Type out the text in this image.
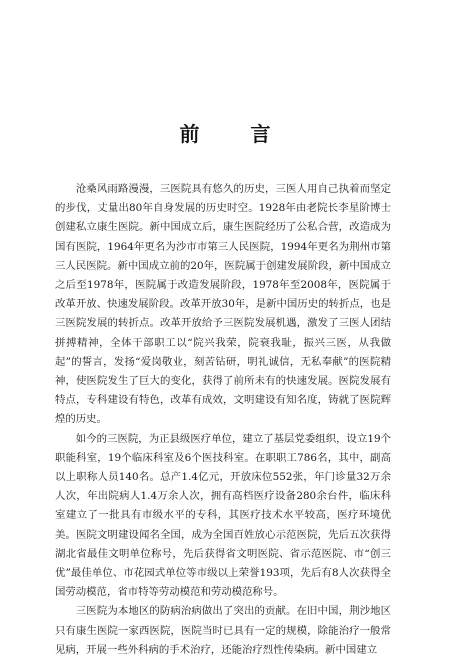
前 言

沧桑风雨路漫漫，三医院具有悠久的历史，三医人用自己执着而坚定的步伐，丈量出80年自身发展的历史时空。1928年由老院长李星阶博士创建私立康生医院。新中国成立后，康生医院经历了公私合营，改造成为国有医院，1964年更名为沙市市第三人民医院，1994年更名为荆州市第三人民医院。新中国成立前的20年，医院属于创建发展阶段，新中国成立之后至1978年，医院属于改造发展阶段，1978年至2008年，医院属于改革开放、快速发展阶段。改革开放30年，是新中国历史的转折点，也是三医院发展的转折点。改革开放给予三医院发展机遇，激发了三医人团结拼搏精神，全体干部职工以“院兴我荣，院衰我耻，振兴三医，从我做起”的誓言，发扬“爱岗敬业，刻苦钻研，明礼诚信，无私奉献”的医院精神，使医院发生了巨大的变化，获得了前所未有的快速发展。医院发展有特点，专科建设有特色，改革有成效，文明建设有知名度，铸就了医院辉煌的历史。

如今的三医院，为正县级医疗单位，建立了基层党委组织，设立19个职能科室，19个临床科室及6个医技科室。在职职工786名，其中，副高以上职称人员140名。总产1.4亿元，开放床位552张，年门诊量32万余人次，年出院病人1.4万余人次，拥有高档医疗设备280余台件，临床科室建立了一批具有市级水平的专科，其医疗技术水平较高，医疗环境优美。医院文明建设闻名全国，成为全国百姓放心示范医院，先后五次获得湖北省最佳文明单位称号，先后获得省文明医院、省示范医院、市“创三优”最佳单位、市花园式单位等市级以上荣誉193项，先后有8人次获得全国劳动模范，省市特等劳动模范和劳动模范称号。

三医院为本地区的防病治病做出了突出的贡献。在旧中国，荆沙地区只有康生医院一家西医院，医院当时已具有一定的规模，除能治疗一般常见病，开展一些外科病的手术治疗，还能治疗烈性传染病。新中国建立
